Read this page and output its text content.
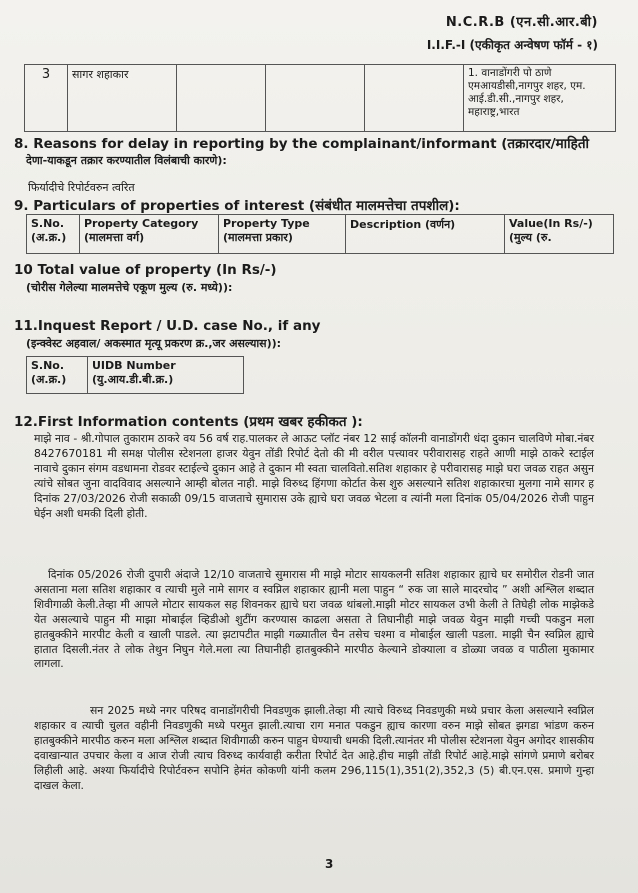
N.C.R.B (एन.सी.आर.बी)
I.I.F.-I (एकीकृत अन्वेषण फॉर्म - १)
3	सागर शहाकार				1. वानाडोंगरी पो ठाणे एमआयडीसी,नागपुर शहर, एम. आई.डी.सी.,नागपुर शहर, महाराष्ट्र,भारत
8. Reasons for delay in reporting by the complainant/informant (तक्रारदार/माहिती
देणा-याकडून तक्रार करण्यातील विलंबाची कारणे):
फिर्यादीचे रिपोर्टवरुन त्वरित
9. Particulars of properties of interest (संबंधीत मालमत्तेचा तपशील):
S.No. (अ.क्र.)	Property Category (मालमत्ता वर्ग)	Property Type (मालमत्ता प्रकार)	Description (वर्णन)	Value(In Rs/-) (मुल्य (रु.
10 Total value of property (In Rs/-)
(चोरीस गेलेल्या मालमत्तेचे एकूण मुल्य (रु. मध्ये)):
11.Inquest Report / U.D. case No., if any
(इन्क्वेस्ट अहवाल/ अकस्मात मृत्यू प्रकरण क्र.,जर असल्यास)):
S.No. (अ.क्र.)	UIDB Number (यु.आय.डी.बी.क्र.)
12.First Information contents (प्रथम खबर हकीकत ):
माझे नाव - श्री.गोपाल तुकाराम ठाकरे वय 56 वर्ष राह.पालकर ले आऊट प्लॉट नंबर 12 साई कॉलनी वानाडोंगरी धंदा दुकान चालविणे मोबा.नंबर 8427670181 मी समक्ष पोलीस स्टेशनला हाजर येवुन तोंडी रिपोर्ट देतो की मी वरील पत्त्यावर परीवारासह राहते आणी माझे ठाकरे स्टाईल नावाचे दुकान संगम वडधामना रोडवर स्टाईल्चे दुकान आहे ते दुकान मी स्वता चालवितो.सतिश शहाकार हे परीवारासह माझे घरा जवळ राहत असुन त्यांचे सोबत जुना वादविवाद असल्याने आम्ही बोलत नाही. माझे विरुध्द हिंगणा कोर्टात केस शुरु असल्याने सतिश शहाकारचा मुलगा नामे सागर ह दिनांक 27/03/2026 रोजी सकाळी 09/15 वाजताचे सुमारास उके ह्याचे घरा जवळ भेटला व त्यांनी मला दिनांक 05/04/2026 रोजी पाहुन घेईन अशी धमकी दिली होती.
दिनांक 05/2026 रोजी दुपारी अंदाजे 12/10 वाजताचे सुमारास मी माझे मोटार सायकलनी सतिश शहाकार ह्याचे घर समोरील रोडनी जात असताना मला सतिश शहाकार व त्याची मुले नामे सागर व स्वप्निल शहाकार ह्यानी मला पाहुन “ रुक जा साले मादरचोद ” अशी अश्लिल शब्दात शिवीगाळी केली.तेव्हा मी आपले मोटार सायकल सह शिवनकर ह्याचे घरा जवळ थांबलो.माझी मोटर सायकल उभी केली ते तिघेही लोक माझेकडे येत असल्याचे पाहुन मी माझा मोबाईल व्हिडीओ शुटींग करण्यास काढला असता ते तिघानीही माझे जवळ येवुन माझी गच्ची पकडुन मला हातबुक्कीने मारपीट केली व खाली पाडले. त्या झटापटीत माझी गळ्यातील चैन तसेच चश्मा व मोबाईल खाली पडला. माझी चैन स्वप्निल ह्याचे हातात दिसली.नंतर ते लोक तेथुन निघुन गेले.मला त्या तिघानीही हातबुक्कीने मारपीठ केल्याने डोक्याला व डोळ्या जवळ व पाठीला मुकामार लागला.
सन 2025 मध्ये नगर परिषद वानाडोंगरीची निवडणुक झाली.तेव्हा मी त्याचे विरुध्द निवडणुकी मध्ये प्रचार केला असल्याने स्वप्निल शहाकार व त्याची चुलत वहीनी निवडणुकी मध्ये परमुत झाली.त्याचा राग मनात पकडुन ह्याच कारणा वरुन माझे सोबत झगडा भांडण करुन हातबुक्कीने मारपीठ करुन मला अश्लिल शब्दात शिवीगाळी करुन पाहुन घेण्याची धमकी दिली.त्यानंतर मी पोलीस स्टेशनला येवुन अगोदर शासकीय दवाखान्यात उपचार केला व आज रोजी त्याच विरुध्द कार्यवाही करीता रिपोर्ट देत आहे.हीच माझी तोंडी रिपोर्ट आहे.माझे सांगणे प्रमाणे बरोबर लिहीली आहे. अश्या फिर्यादीचे रिपोर्टवरुन सपोनि हेमंत कोकणी यांनी कलम 296,115(1),351(2),352,3 (5) बी.एन.एस. प्रमाणे गुन्हा दाखल केला.
3
